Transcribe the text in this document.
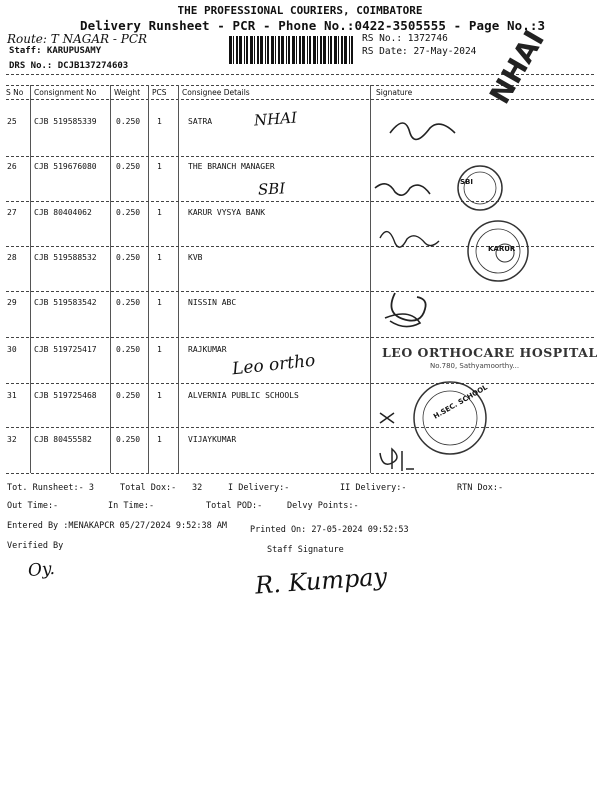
THE PROFESSIONAL COURIERS, COIMBATORE
Delivery Runsheet - PCR - Phone No.:0422-3505555 - Page No.:3
Route: T NAGAR - PCR
Staff: KARUPUSAMY
DRS No.: DCJB137274603
RS No.: 1372746
RS Date: 27-May-2024
S No Consignment No Weight PCS Consignee Details	Signature
25 CJB 519585339 0.250 1	SATRA
26 CJB 519676080 0.250 1	THE BRANCH MANAGER
27 CJB 80404062	0.250 1	KARUR VYSYA BANK
28 CJB 519588532 0.250 1	KVB
29 CJB 519583542 0.250 1	NISSIN ABC
30 CJB 519725417 0.250 1	RAJKUMAR
31 CJB 519725468 0.250 1	ALVERNIA PUBLIC SCHOOLS
32 CJB 80455582	0.250 1	VIJAYKUMAR
NHAI
SBI
Leo ortho
NHAI
SBI
KARUR
LEO ORTHOCARE HOSPITAL
No.780, Sathyamoorthy...
H.SEC. SCHOOL
Tot. Runsheet:- 3	Total Dox:- 32	I Delivery:-	II Delivery:-	RTN Dox:-
Out Time:-	In Time:-	Total POD:-	Delvy Points:-
Entered By :MENAKAPCR 05/27/2024 9:52:38 AM	Printed On: 27-05-2024 09:52:53
Verified By	Staff Signature
Oy.	R. Kumpay
